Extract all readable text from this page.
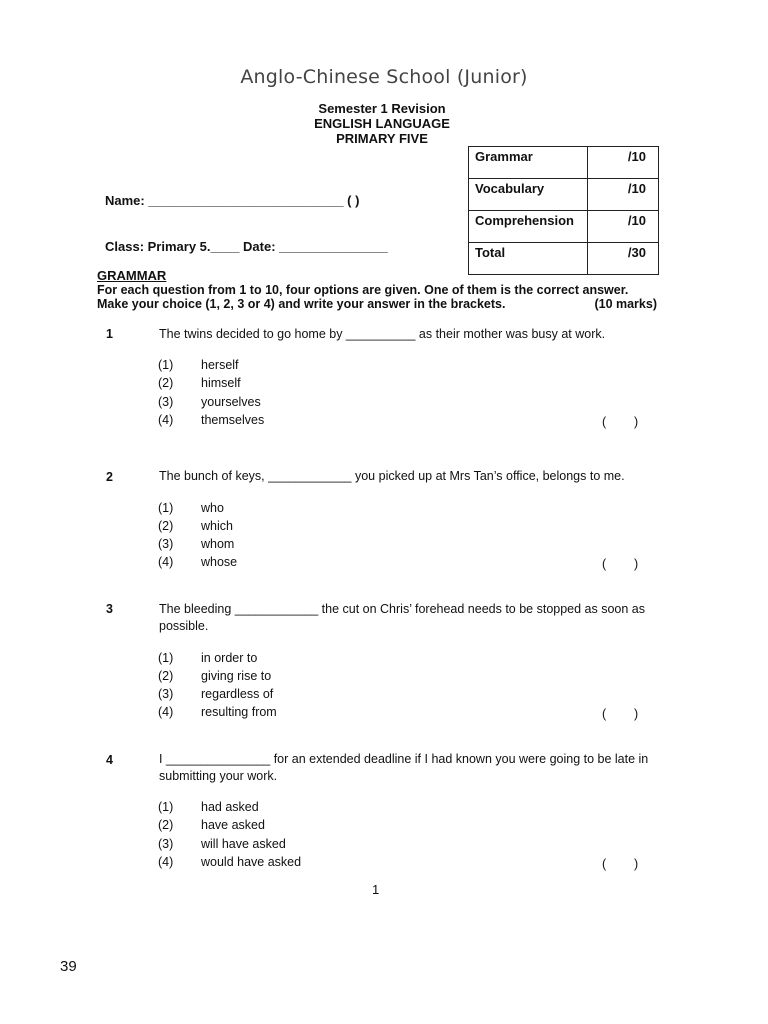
Anglo-Chinese School (Junior)
Semester 1 Revision
ENGLISH LANGUAGE
PRIMARY FIVE
Name: ___________________________ ( )
Class: Primary 5.____ Date: _______________
Grammar	/10
Vocabulary	/10
Comprehension	/10
Total	/30
GRAMMAR
For each question from 1 to 10, four options are given. One of them is the correct answer.
Make your choice (1, 2, 3 or 4) and write your answer in the brackets.	(10 marks)
1	The twins decided to go home by __________ as their mother was busy at work.
(1) herself
(2) himself
(3) yourselves
(4) themselves	(        )
2	The bunch of keys, ____________ you picked up at Mrs Tan’s office, belongs to me.
(1) who
(2) which
(3) whom
(4) whose	(        )
3	The bleeding ____________ the cut on Chris’ forehead needs to be stopped as soon as possible.
(1) in order to
(2) giving rise to
(3) regardless of
(4) resulting from	(        )
4	I _______________ for an extended deadline if I had known you were going to be late in submitting your work.
(1) had asked
(2) have asked
(3) will have asked
(4) would have asked	(        )
1
39
